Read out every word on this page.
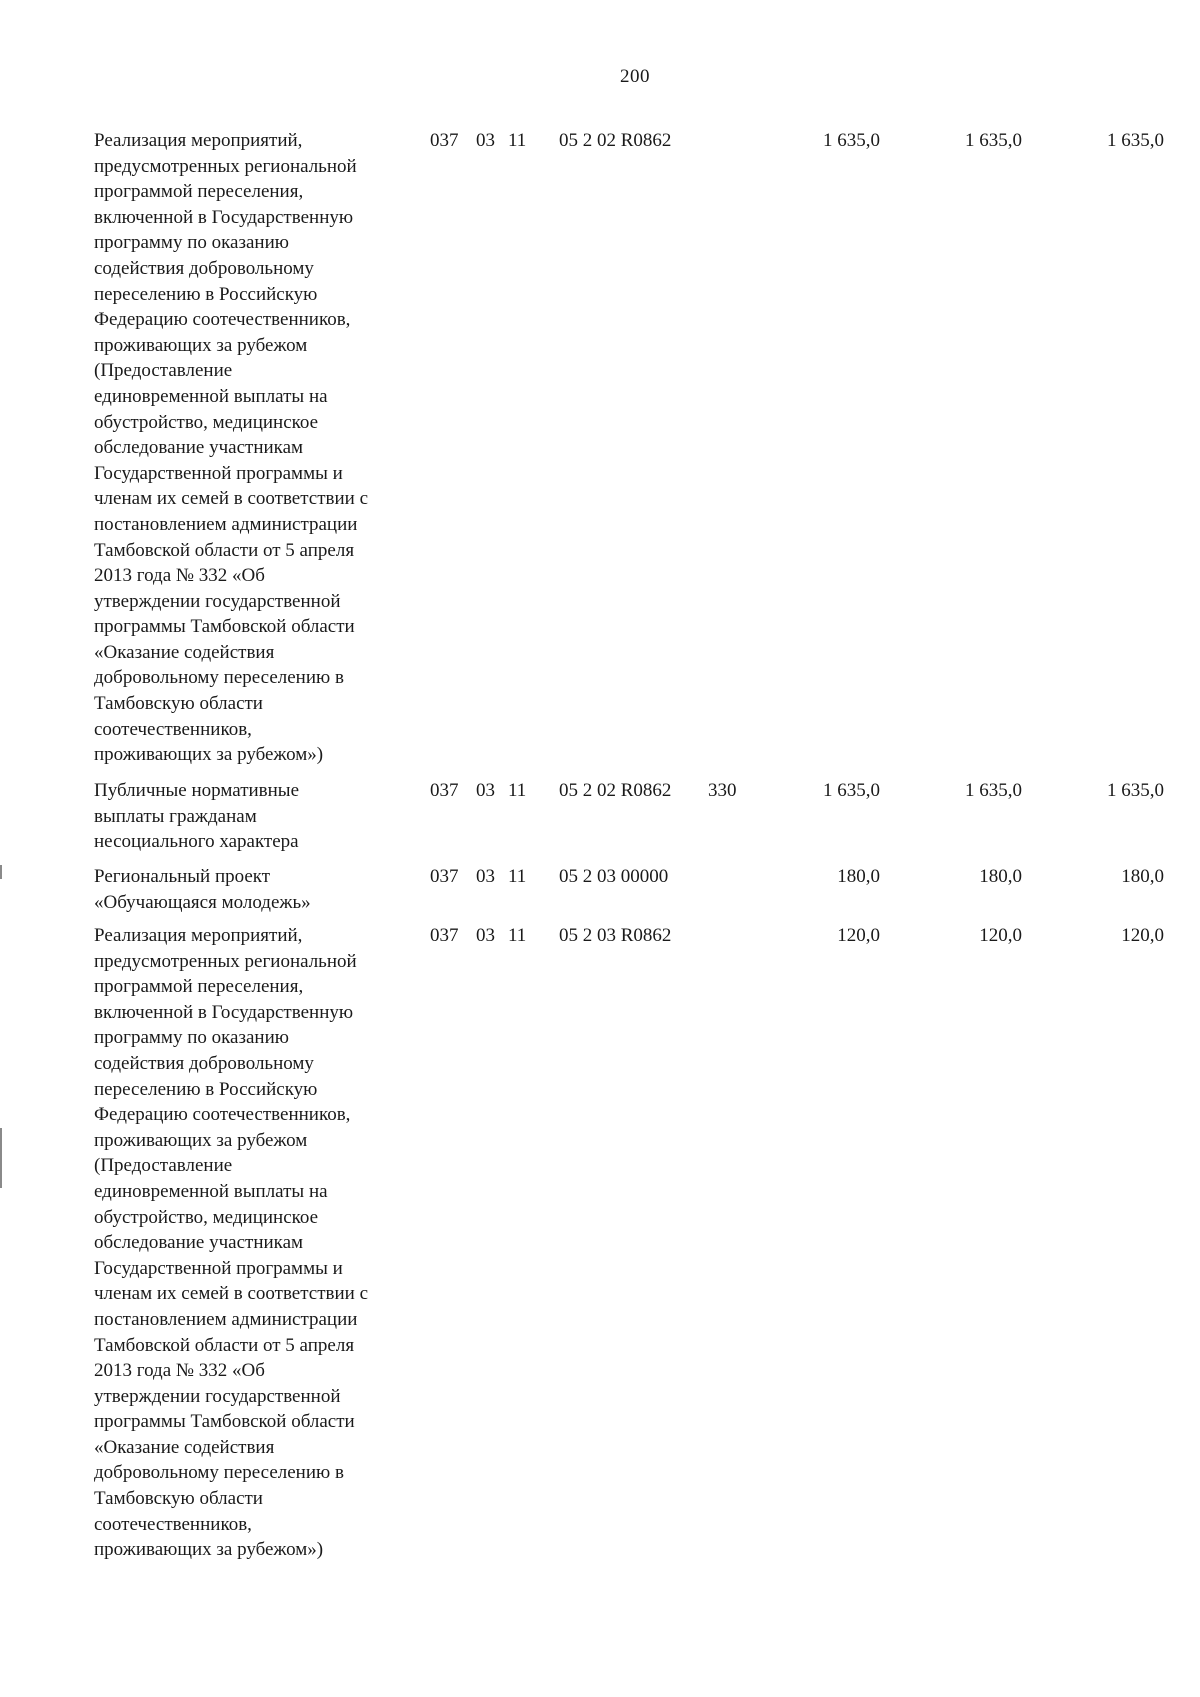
200
Реализация мероприятий,
предусмотренных региональной
программой переселения,
включенной в Государственную
программу по оказанию
содействия добровольному
переселению в Российскую
Федерацию соотечественников,
проживающих за рубежом
(Предоставление
единовременной выплаты на
обустройство, медицинское
обследование участникам
Государственной программы и
членам их семей в соответствии с
постановлением администрации
Тамбовской области от 5 апреля
2013 года № 332 «Об
утверждении государственной
программы Тамбовской области
«Оказание содействия
добровольному переселению в
Тамбовскую области
соотечественников,
проживающих за рубежом»)
037 03 11 05 2 02 R0862	1 635,0	1 635,0	1 635,0
Публичные нормативные
выплаты гражданам
несоциального характера
037 03 11 05 2 02 R0862 330	1 635,0	1 635,0	1 635,0
Региональный проект
«Обучающаяся молодежь»
037 03 11 05 2 03 00000	180,0	180,0	180,0
Реализация мероприятий,
предусмотренных региональной
программой переселения,
включенной в Государственную
программу по оказанию
содействия добровольному
переселению в Российскую
Федерацию соотечественников,
проживающих за рубежом
(Предоставление
единовременной выплаты на
обустройство, медицинское
обследование участникам
Государственной программы и
членам их семей в соответствии с
постановлением администрации
Тамбовской области от 5 апреля
2013 года № 332 «Об
утверждении государственной
программы Тамбовской области
«Оказание содействия
добровольному переселению в
Тамбовскую области
соотечественников,
проживающих за рубежом»)
037 03 11 05 2 03 R0862	120,0	120,0	120,0
